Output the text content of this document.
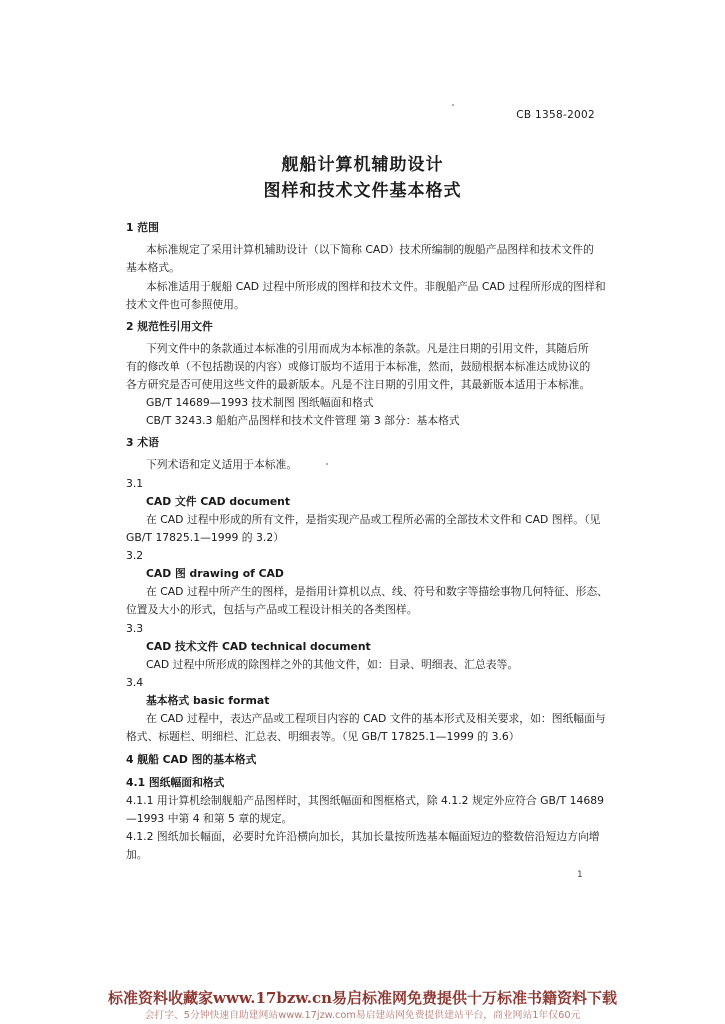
CB 1358-2002
舰船计算机辅助设计
图样和技术文件基本格式
1 范围
本标准规定了采用计算机辅助设计（以下简称 CAD）技术所编制的舰船产品图样和技术文件的
基本格式。
本标准适用于舰船 CAD 过程中所形成的图样和技术文件。非舰船产品 CAD 过程所形成的图样和
技术文件也可参照使用。
2 规范性引用文件
下列文件中的条款通过本标准的引用而成为本标准的条款。凡是注日期的引用文件，其随后所
有的修改单（不包括勘误的内容）或修订版均不适用于本标准，然而，鼓励根据本标准达成协议的
各方研究是否可使用这些文件的最新版本。凡是不注日期的引用文件，其最新版本适用于本标准。
GB/T 14689—1993 技术制图 图纸幅面和格式
CB/T 3243.3 船舶产品图样和技术文件管理 第 3 部分：基本格式
3 术语
下列术语和定义适用于本标准。
3.1
CAD 文件 CAD document
在 CAD 过程中形成的所有文件，是指实现产品或工程所必需的全部技术文件和 CAD 图样。（见
GB/T 17825.1—1999 的 3.2）
3.2
CAD 图 drawing of CAD
在 CAD 过程中所产生的图样，是指用计算机以点、线、符号和数字等描绘事物几何特征、形态、
位置及大小的形式，包括与产品或工程设计相关的各类图样。
3.3
CAD 技术文件 CAD technical document
CAD 过程中所形成的除图样之外的其他文件，如：目录、明细表、汇总表等。
3.4
基本格式 basic format
在 CAD 过程中，表达产品或工程项目内容的 CAD 文件的基本形式及相关要求，如：图纸幅面与
格式、标题栏、明细栏、汇总表、明细表等。（见 GB/T 17825.1—1999 的 3.6）
4 舰船 CAD 图的基本格式
4.1 图纸幅面和格式
4.1.1 用计算机绘制舰船产品图样时，其图纸幅面和图框格式，除 4.1.2 规定外应符合 GB/T 14689
—1993 中第 4 和第 5 章的规定。
4.1.2 图纸加长幅面，必要时允许沿横向加长，其加长量按所选基本幅面短边的整数倍沿短边方向增
加。
1
标准资料收藏家www.17bzw.cn易启标准网免费提供十万标准书籍资料下载
会打字、5分钟快速自助建网站www.17jzw.com易启建站网免费提供建站平台，商业网站1年仅60元
